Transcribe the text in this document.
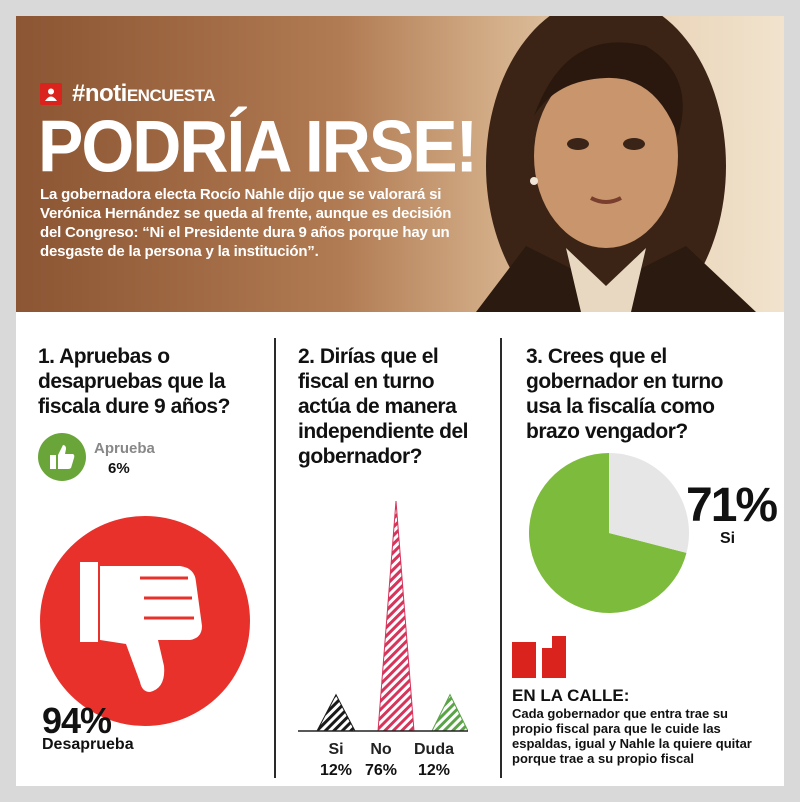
#notiENCUESTA
PODRÍA IRSE!
La gobernadora electa Rocío Nahle dijo que se valorará si Verónica Hernández se queda al frente, aunque es decisión del Congreso: “Ni el Presidente dura 9 años porque hay un desgaste de la persona y la institución”.
1. Apruebas o desapruebas que la fiscala dure 9 años?
Aprueba
6%
94%
Desaprueba
2. Dirías que el fiscal en turno actúa de manera independiente del gobernador?
Si	No	Duda
12% 76%	12%
3. Crees que el gobernador en turno usa la fiscalía como brazo vengador?
71%
Si
EN LA CALLE:
Cada gobernador que entra trae su propio fiscal para que le cuide las espaldas, igual y Nahle la quiere quitar porque trae a su propio fiscal
